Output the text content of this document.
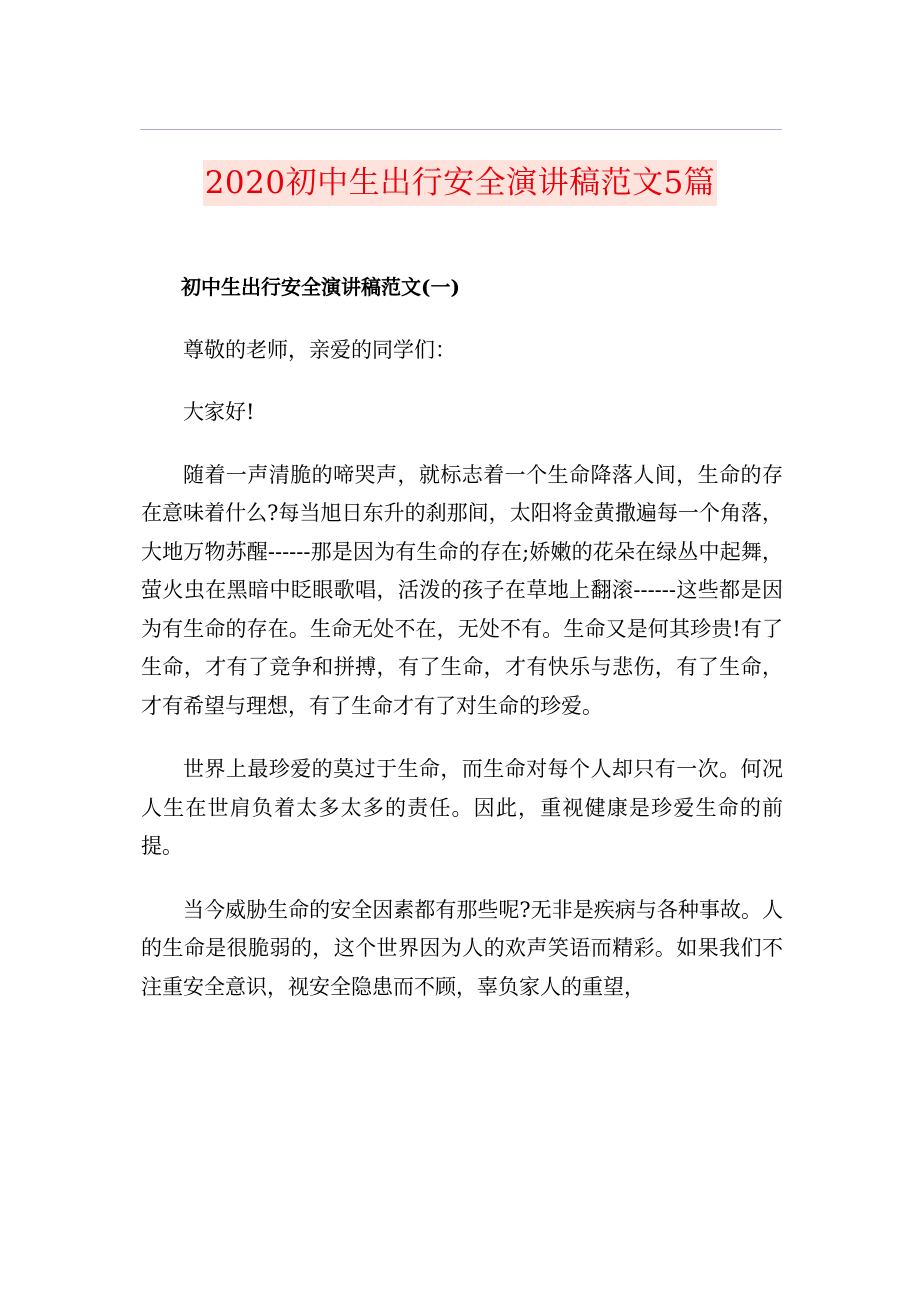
2020初中生出行安全演讲稿范文5篇

初中生出行安全演讲稿范文(一)

尊敬的老师，亲爱的同学们：

大家好!

随着一声清脆的啼哭声，就标志着一个生命降落人间，生命的存在意味着什么?每当旭日东升的刹那间，太阳将金黄撒遍每一个角落，大地万物苏醒------那是因为有生命的存在;娇嫩的花朵在绿丛中起舞，萤火虫在黑暗中眨眼歌唱，活泼的孩子在草地上翻滚------这些都是因为有生命的存在。生命无处不在，无处不有。生命又是何其珍贵!有了生命，才有了竞争和拼搏，有了生命，才有快乐与悲伤，有了生命，才有希望与理想，有了生命才有了对生命的珍爱。

世界上最珍爱的莫过于生命，而生命对每个人却只有一次。何况人生在世肩负着太多太多的责任。因此，重视健康是珍爱生命的前提。

当今威胁生命的安全因素都有那些呢?无非是疾病与各种事故。人的生命是很脆弱的，这个世界因为人的欢声笑语而精彩。如果我们不注重安全意识，视安全隐患而不顾，辜负家人的重望，
